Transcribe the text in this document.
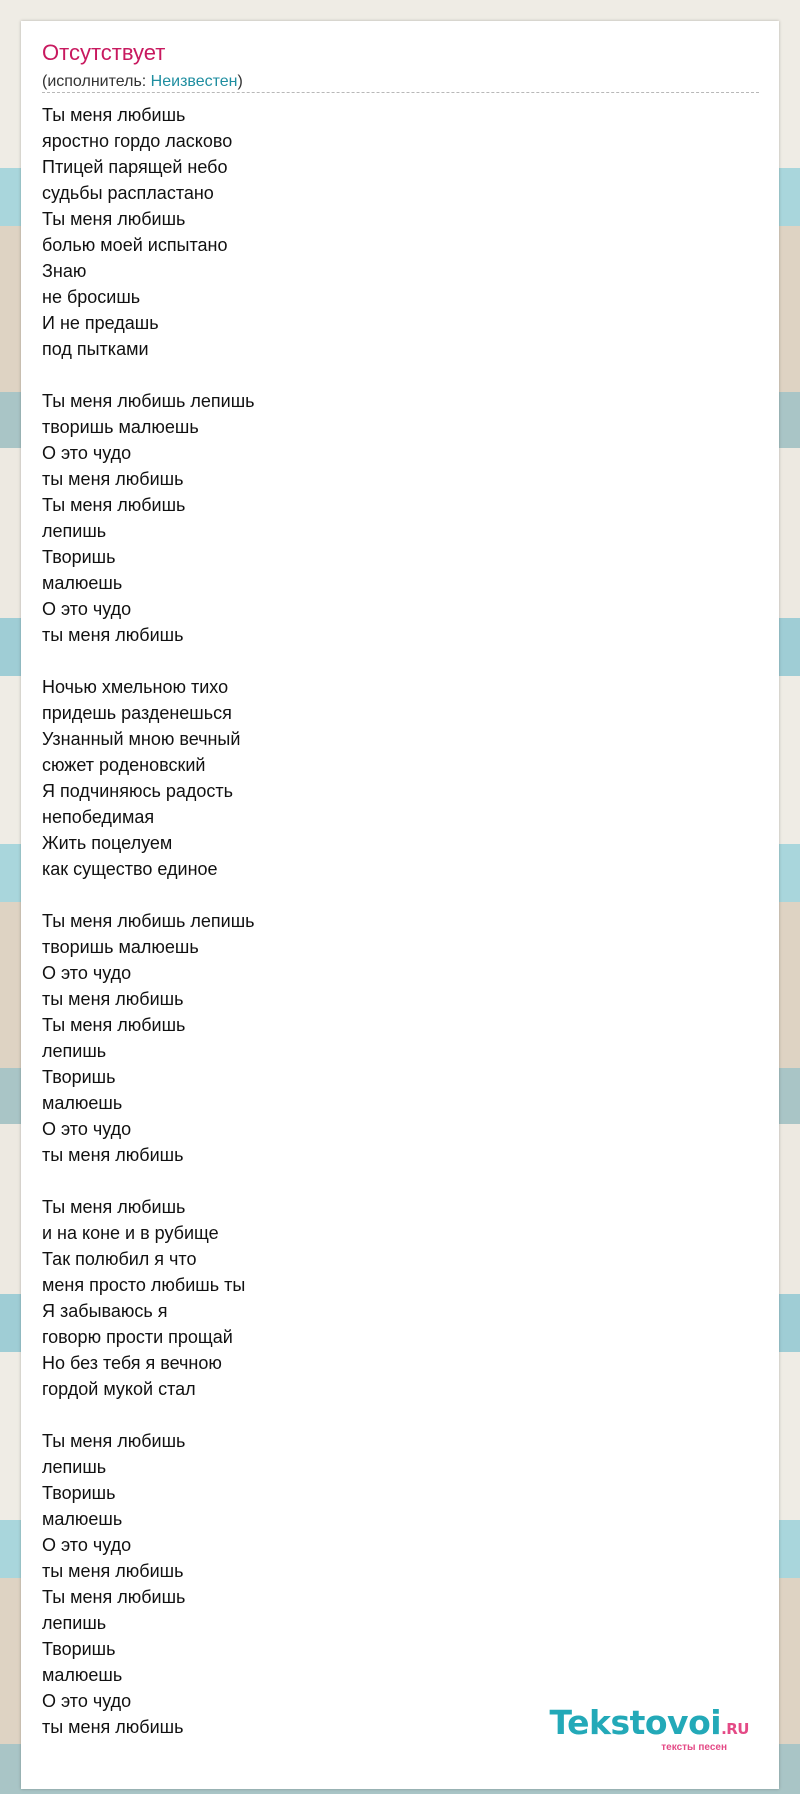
Отсутствует
(исполнитель: Неизвестен)
Ты меня любишь
яростно гордо ласково
Птицей парящей небо
судьбы распластано
Ты меня любишь
болью моей испытано
Знаю
не бросишь
И не предашь
под пытками
Ты меня любишь лепишь
творишь малюешь
О это чудо
ты меня любишь
Ты меня любишь
лепишь
Творишь
малюешь
О это чудо
ты меня любишь
Ночью хмельною тихо
придешь разденешься
Узнанный мною вечный
сюжет роденовский
Я подчиняюсь радость
непобедимая
Жить поцелуем
как существо единое
Ты меня любишь лепишь
творишь малюешь
О это чудо
ты меня любишь
Ты меня любишь
лепишь
Творишь
малюешь
О это чудо
ты меня любишь
Ты меня любишь
и на коне и в рубище
Так полюбил я что
меня просто любишь ты
Я забываюсь я
говорю прости прощай
Но без тебя я вечною
гордой мукой стал
Ты меня любишь
лепишь
Творишь
малюешь
О это чудо
ты меня любишь
Ты меня любишь
лепишь
Творишь
малюешь
О это чудо
ты меня любишь	Tekstovoi.RU
тексты песен
